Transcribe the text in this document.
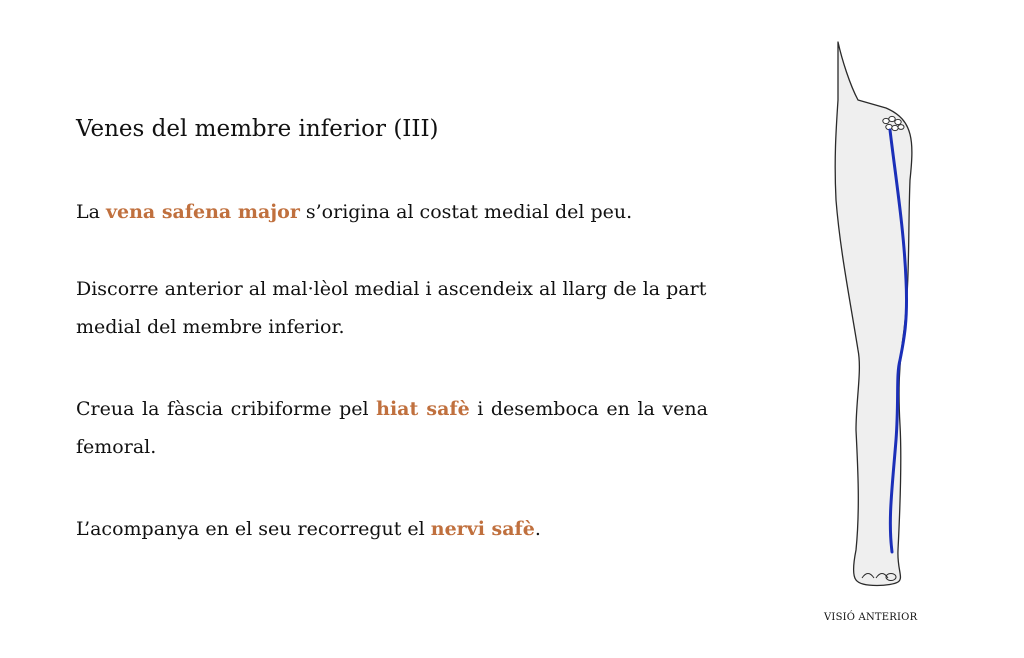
Venes del membre inferior (III)

La vena safena major s’origina al costat medial del peu.

Discorre anterior al mal·lèol medial i ascendeix al llarg de la part medial del membre inferior.

Creua la fàscia cribiforme pel hiat safè i desemboca en la vena femoral.

L’acompanya en el seu recorregut el nervi safè.

VISIÓ ANTERIOR
